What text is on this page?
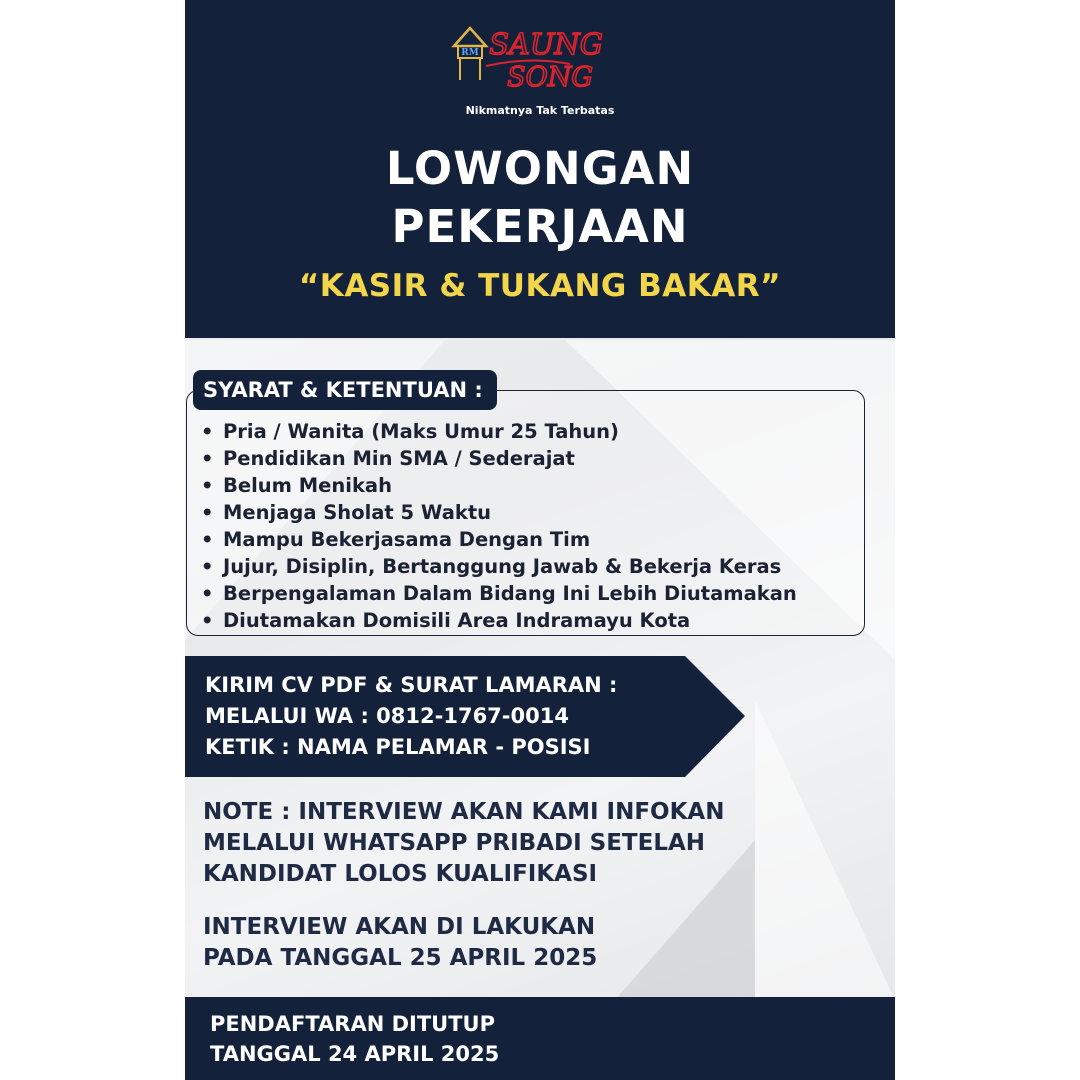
RM SAUNG
SONG
Nikmatnya Tak Terbatas
LOWONGAN
PEKERJAAN
“KASIR & TUKANG BAKAR”
SYARAT & KETENTUAN :
• Pria / Wanita (Maks Umur 25 Tahun)
• Pendidikan Min SMA / Sederajat
• Belum Menikah
• Menjaga Sholat 5 Waktu
• Mampu Bekerjasama Dengan Tim
• Jujur, Disiplin, Bertanggung Jawab & Bekerja Keras
• Berpengalaman Dalam Bidang Ini Lebih Diutamakan
• Diutamakan Domisili Area Indramayu Kota
KIRIM CV PDF & SURAT LAMARAN :
MELALUI WA : 0812-1767-0014
KETIK : NAMA PELAMAR - POSISI
NOTE : INTERVIEW AKAN KAMI INFOKAN
MELALUI WHATSAPP PRIBADI SETELAH
KANDIDAT LOLOS KUALIFIKASI
INTERVIEW AKAN DI LAKUKAN
PADA TANGGAL 25 APRIL 2025
PENDAFTARAN DITUTUP
TANGGAL 24 APRIL 2025
